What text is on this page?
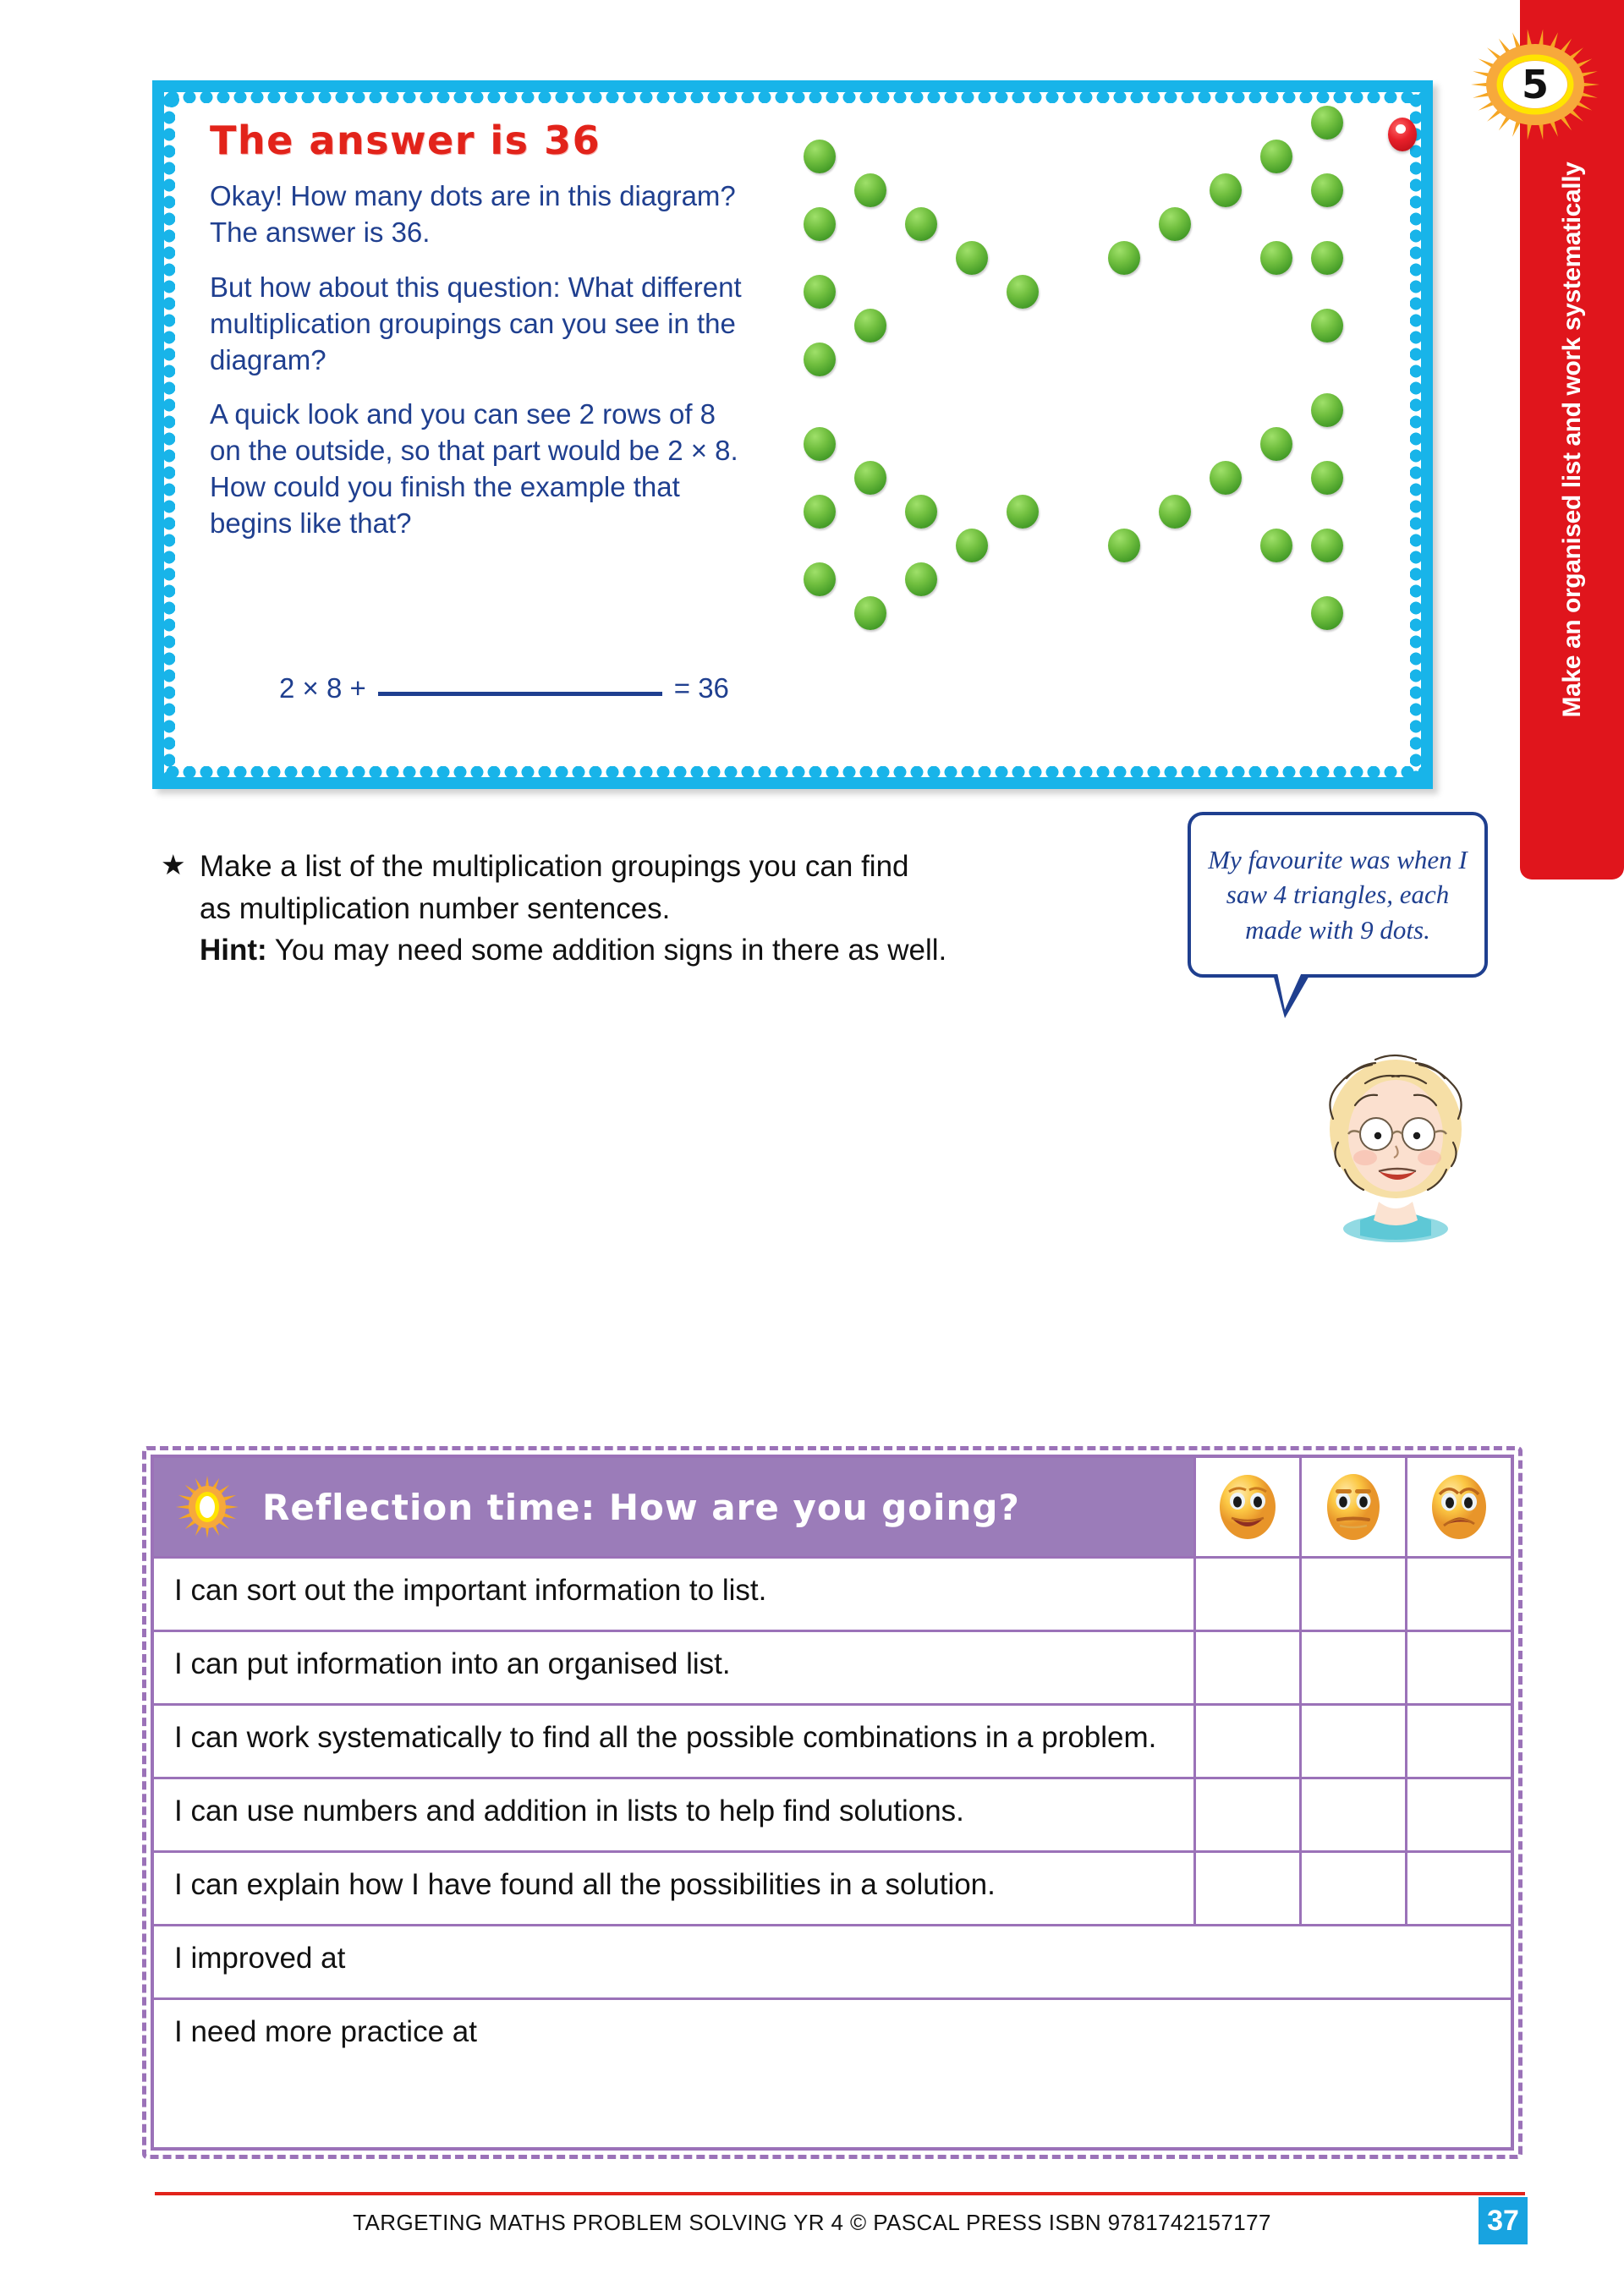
Make an organised list and work systematically
5
The answer is 36

Okay! How many dots are in this diagram? The answer is 36.

But how about this question: What different multiplication groupings can you see in the diagram?

A quick look and you can see 2 rows of 8 on the outside, so that part would be 2 × 8. How could you finish the example that begins like that?

2 × 8 +	= 36
★ Make a list of the multiplication groupings you can find
as multiplication number sentences.
Hint: You may need some addition signs in there as well.
My favourite was when I saw 4 triangles, each made with 9 dots.
Reflection time: How are you going?
I can sort out the important information to list.
I can put information into an organised list.
I can work systematically to find all the possible combinations in a problem.
I can use numbers and addition in lists to help find solutions.
I can explain how I have found all the possibilities in a solution.
I improved at
I need more practice at
TARGETING MATHS PROBLEM SOLVING YR 4 © PASCAL PRESS ISBN 9781742157177	37
